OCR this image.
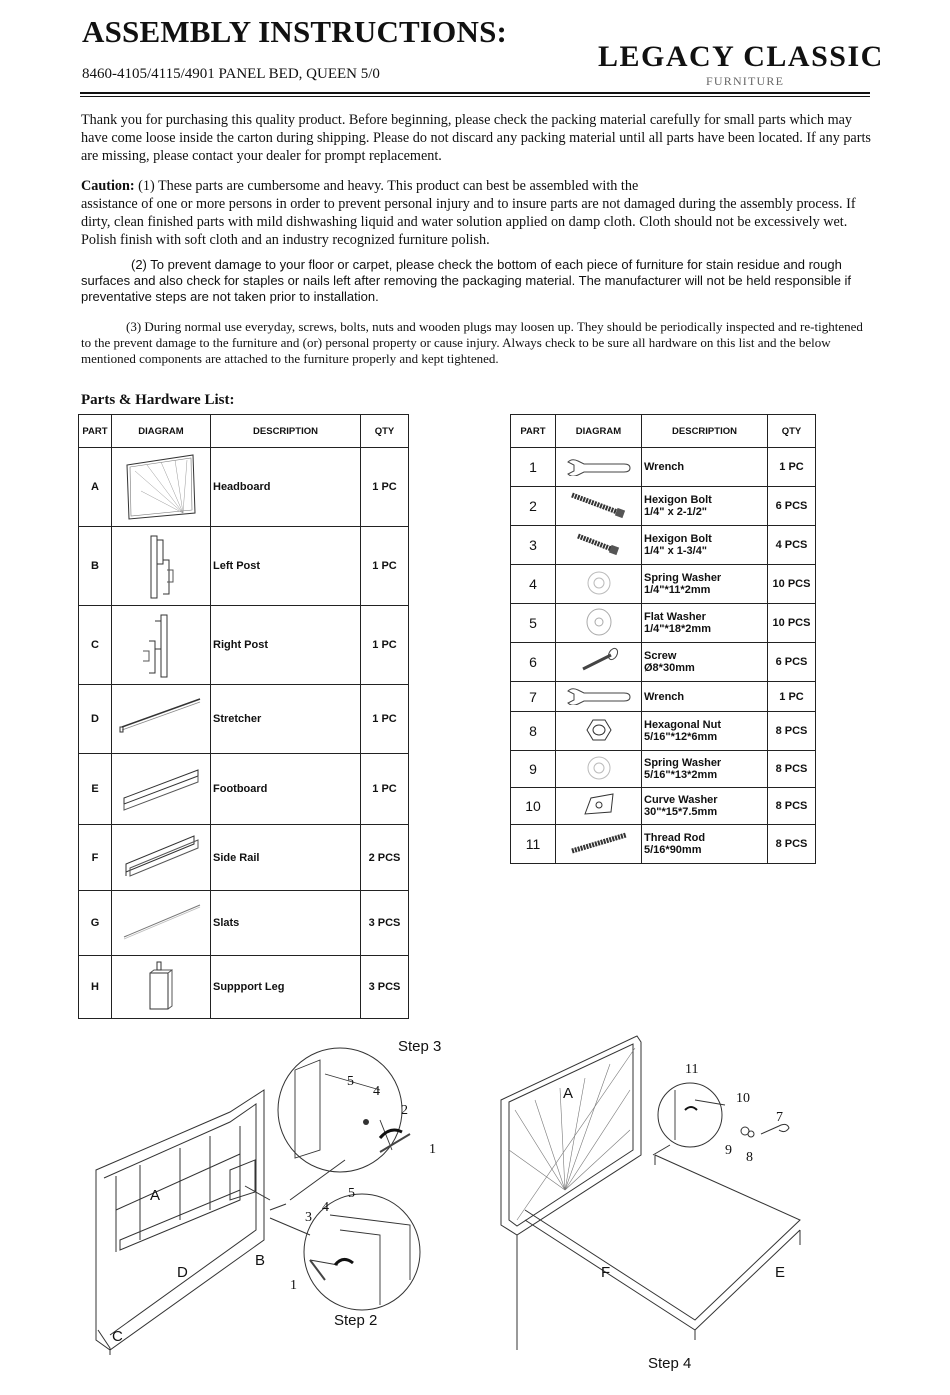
ASSEMBLY INSTRUCTIONS:
8460-4105/4115/4901 PANEL BED, QUEEN 5/0
LEGACY CLASSIC
FURNITURE
Thank you for purchasing this quality product. Before beginning, please check the packing material carefully for small parts which may have come loose inside the carton during shipping. Please do not discard any packing material until all parts have been located. If any parts are missing, please contact your dealer for prompt replacement.
Caution: (1) These parts are cumbersome and heavy. This product can best be assembled with the
assistance of one or more persons in order to prevent personal injury and to insure parts are not damaged during the assembly process. If dirty, clean finished parts with mild dishwashing liquid and water solution applied on damp cloth. Cloth should not be excessively wet. Polish finish with soft cloth and an industry recognized furniture polish.
(2) To prevent damage to your floor or carpet, please check the bottom of each piece of furniture for stain residue and rough surfaces and also check for staples or nails left after removing the packaging material. The manufacturer will not be held responsible if preventative steps are not taken prior to installation.
(3) During normal use everyday, screws, bolts, nuts and wooden plugs may loosen up. They should be periodically inspected and re-tightened to the prevent damage to the furniture and (or) personal property or cause injury. Always check to be sure all hardware on this list and the below mentioned components are attached to the furniture properly and kept tightened.
Parts & Hardware List:
PART	DIAGRAM	DESCRIPTION	QTY
A		Headboard	1 PC
B		Left Post	1 PC
C		Right Post	1 PC
D		Stretcher	1 PC
E		Footboard	1 PC
F		Side Rail	2 PCS
G		Slats	3 PCS
H		Suppport Leg	3 PCS
PART	DIAGRAM	DESCRIPTION	QTY
1		Wrench	1 PC
2		Hexigon Bolt
1/4" x 2-1/2"	6 PCS
3		Hexigon Bolt
1/4" x 1-3/4"	4 PCS
4		Spring Washer
1/4"*11*2mm	10 PCS
5		Flat Washer
1/4"*18*2mm	10 PCS
6		Screw
Ø8*30mm	6 PCS
7		Wrench	1 PC
8		Hexagonal Nut
5/16"*12*6mm	8 PCS
9		Spring Washer
5/16"*13*2mm	8 PCS
10		Curve Washer
30"*15*7.5mm	8 PCS
11		Thread Rod
5/16*90mm	8 PCS
Step 3
Step 2
A
B
D
C
5
4
2
1
5
4
3
1
Step 4
A
F	E
11
10
7
9 8
